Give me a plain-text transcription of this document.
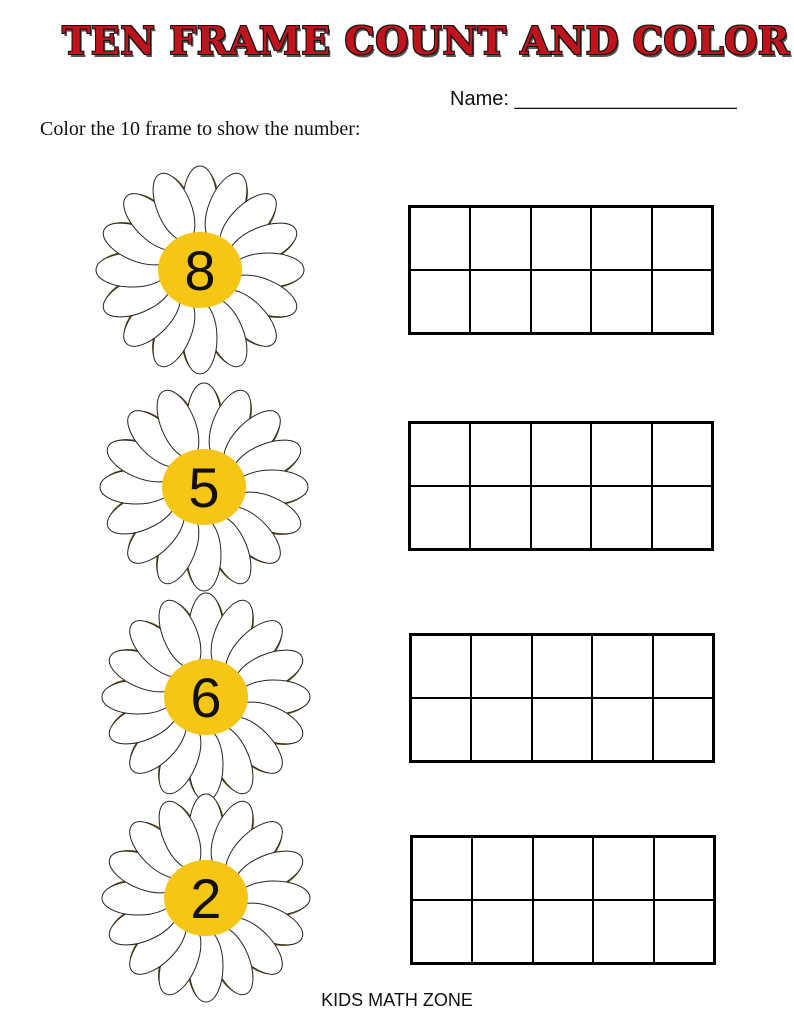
TEN FRAME COUNT AND COLOR
Name: ____________________
Color the 10 frame to show the number:
8
5
6
2
KIDS MATH ZONE
